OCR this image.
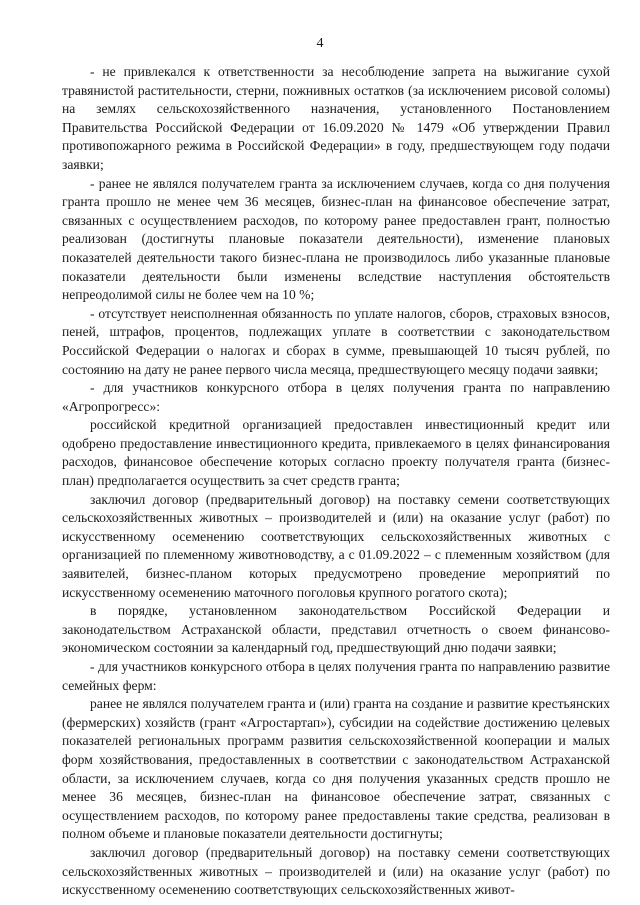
4

- не привлекался к ответственности за несоблюдение запрета на выжигание сухой травянистой растительности, стерни, пожнивных остатков (за исключением рисовой соломы) на землях сельскохозяйственного назначения, установленного Постановлением Правительства Российской Федерации от 16.09.2020 № 1479 «Об утверждении Правил противопожарного режима в Российской Федерации» в году, предшествующем году подачи заявки;

- ранее не являлся получателем гранта за исключением случаев, когда со дня получения гранта прошло не менее чем 36 месяцев, бизнес-план на финансовое обеспечение затрат, связанных с осуществлением расходов, по которому ранее предоставлен грант, полностью реализован (достигнуты плановые показатели деятельности), изменение плановых показателей деятельности такого бизнес-плана не производилось либо указанные плановые показатели деятельности были изменены вследствие наступления обстоятельств непреодолимой силы не более чем на 10 %;

- отсутствует неисполненная обязанность по уплате налогов, сборов, страховых взносов, пеней, штрафов, процентов, подлежащих уплате в соответствии с законодательством Российской Федерации о налогах и сборах в сумме, превышающей 10 тысяч рублей, по состоянию на дату не ранее первого числа месяца, предшествующего месяцу подачи заявки;

- для участников конкурсного отбора в целях получения гранта по направлению «Агропрогресс»:

российской кредитной организацией предоставлен инвестиционный кредит или одобрено предоставление инвестиционного кредита, привлекаемого в целях финансирования расходов, финансовое обеспечение которых согласно проекту получателя гранта (бизнес-план) предполагается осуществить за счет средств гранта;

заключил договор (предварительный договор) на поставку семени соответствующих сельскохозяйственных животных – производителей и (или) на оказание услуг (работ) по искусственному осеменению соответствующих сельскохозяйственных животных с организацией по племенному животноводству, а с 01.09.2022 – с племенным хозяйством (для заявителей, бизнес-планом которых предусмотрено проведение мероприятий по искусственному осеменению маточного поголовья крупного рогатого скота);

в порядке, установленном законодательством Российской Федерации и законодательством Астраханской области, представил отчетность о своем финансово-экономическом состоянии за календарный год, предшествующий дню подачи заявки;

- для участников конкурсного отбора в целях получения гранта по направлению развитие семейных ферм:

ранее не являлся получателем гранта и (или) гранта на создание и развитие крестьянских (фермерских) хозяйств (грант «Агростартап»), субсидии на содействие достижению целевых показателей региональных программ развития сельскохозяйственной кооперации и малых форм хозяйствования, предоставленных в соответствии с законодательством Астраханской области, за исключением случаев, когда со дня получения указанных средств прошло не менее 36 месяцев, бизнес-план на финансовое обеспечение затрат, связанных с осуществлением расходов, по которому ранее предоставлены такие средства, реализован в полном объеме и плановые показатели деятельности достигнуты;

заключил договор (предварительный договор) на поставку семени соответствующих сельскохозяйственных животных – производителей и (или) на оказание услуг (работ) по искусственному осеменению соответствующих сельскохозяйственных живот-
